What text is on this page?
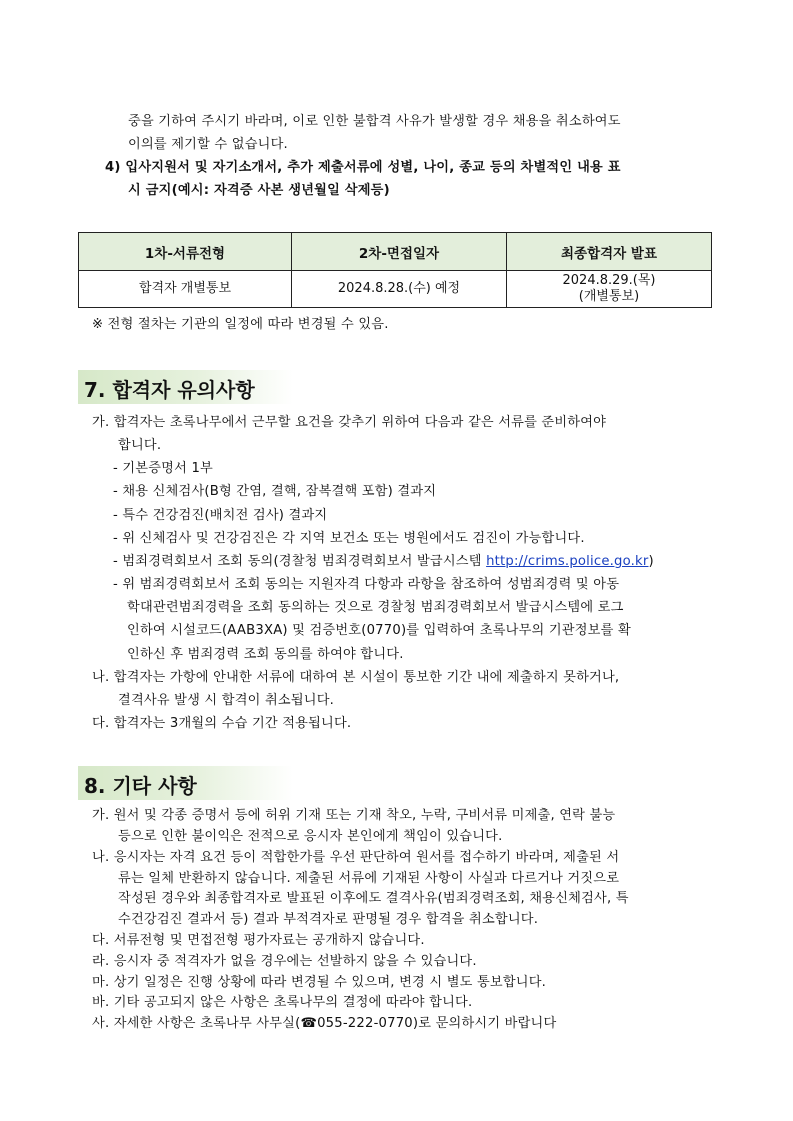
중을 기하여 주시기 바라며, 이로 인한 불합격 사유가 발생할 경우 채용을 취소하여도
이의를 제기할 수 없습니다.
4) 입사지원서 및 자기소개서, 추가 제출서류에 성별, 나이, 종교 등의 차별적인 내용 표
시 금지(예시: 자격증 사본 생년월일 삭제등)
1차-서류전형	2차-면접일자	최종합격자 발표
합격자 개별통보	2024.8.28.(수) 예정	2024.8.29.(목)
(개별통보)
※ 전형 절차는 기관의 일정에 따라 변경될 수 있음.
7. 합격자 유의사항
가. 합격자는 초록나무에서 근무할 요건을 갖추기 위하여 다음과 같은 서류를 준비하여야
합니다.
- 기본증명서 1부
- 채용 신체검사(B형 간염, 결핵, 잠복결핵 포함) 결과지
- 특수 건강검진(배치전 검사) 결과지
- 위 신체검사 및 건강검진은 각 지역 보건소 또는 병원에서도 검진이 가능합니다.
- 범죄경력회보서 조회 동의(경찰청 범죄경력회보서 발급시스템 http://crims.police.go.kr)
- 위 범죄경력회보서 조회 동의는 지원자격 다항과 라항을 참조하여 성범죄경력 및 아동
학대관련범죄경력을 조회 동의하는 것으로 경찰청 범죄경력회보서 발급시스템에 로그
인하여 시설코드(AAB3XA) 및 검증번호(0770)를 입력하여 초록나무의 기관정보를 확
인하신 후 범죄경력 조회 동의를 하여야 합니다.
나. 합격자는 가항에 안내한 서류에 대하여 본 시설이 통보한 기간 내에 제출하지 못하거나,
결격사유 발생 시 합격이 취소됩니다.
다. 합격자는 3개월의 수습 기간 적용됩니다.
8. 기타 사항
가. 원서 및 각종 증명서 등에 허위 기재 또는 기재 착오, 누락, 구비서류 미제출, 연락 불능
등으로 인한 불이익은 전적으로 응시자 본인에게 책임이 있습니다.
나. 응시자는 자격 요건 등이 적합한가를 우선 판단하여 원서를 접수하기 바라며, 제출된 서
류는 일체 반환하지 않습니다. 제출된 서류에 기재된 사항이 사실과 다르거나 거짓으로
작성된 경우와 최종합격자로 발표된 이후에도 결격사유(범죄경력조회, 채용신체검사, 특
수건강검진 결과서 등) 결과 부적격자로 판명될 경우 합격을 취소합니다.
다. 서류전형 및 면접전형 평가자료는 공개하지 않습니다.
라. 응시자 중 적격자가 없을 경우에는 선발하지 않을 수 있습니다.
마. 상기 일정은 진행 상황에 따라 변경될 수 있으며, 변경 시 별도 통보합니다.
바. 기타 공고되지 않은 사항은 초록나무의 결정에 따라야 합니다.
사. 자세한 사항은 초록나무 사무실(☎055-222-0770)로 문의하시기 바랍니다
